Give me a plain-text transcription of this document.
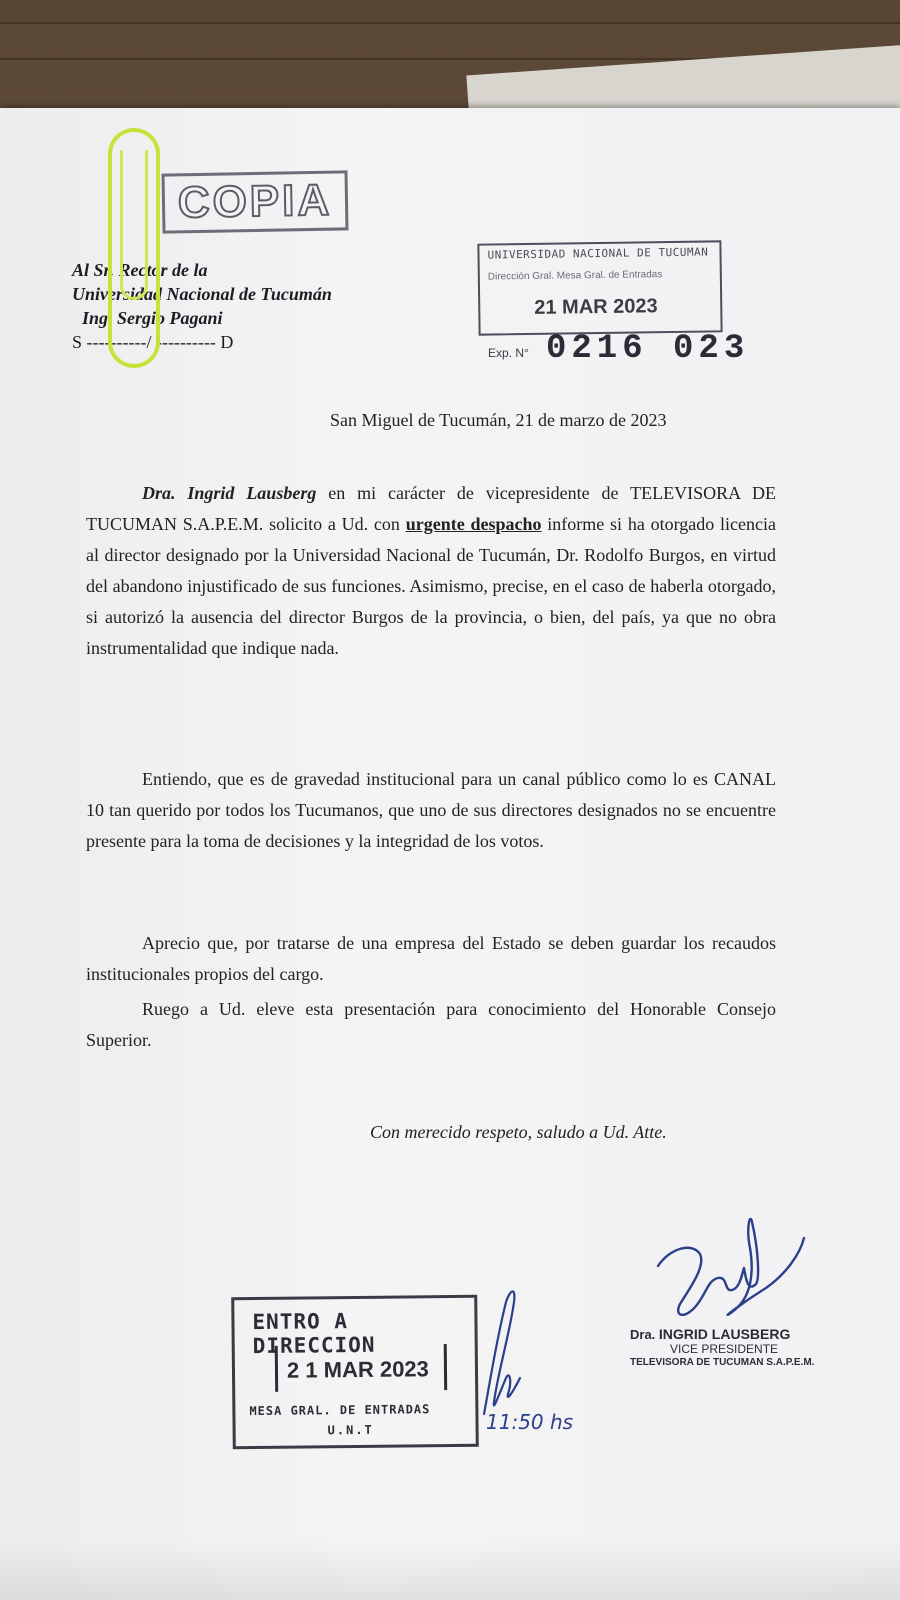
COPIA
Al Sr. Rector de la
Universidad Nacional de Tucumán
Ing. Sergio Pagani
S ----------/ ---------- D
UNIVERSIDAD NACIONAL DE TUCUMAN
Dirección Gral. Mesa Gral. de Entradas
21 MAR 2023
Exp. N° 0216 023
San Miguel de Tucumán, 21 de marzo de 2023
Dra. Ingrid Lausberg en mi carácter de vicepresidente de TELEVISORA DE TUCUMAN S.A.P.E.M. solicito a Ud. con urgente despacho informe si ha otorgado licencia al director designado por la Universidad Nacional de Tucumán, Dr. Rodolfo Burgos, en virtud del abandono injustificado de sus funciones. Asimismo, precise, en el caso de haberla otorgado, si autorizó la ausencia del director Burgos de la provincia, o bien, del país, ya que no obra instrumentalidad que indique nada.
Entiendo, que es de gravedad institucional para un canal público como lo es CANAL 10 tan querido por todos los Tucumanos, que uno de sus directores designados no se encuentre presente para la toma de decisiones y la integridad de los votos.
Aprecio que, por tratarse de una empresa del Estado se deben guardar los recaudos institucionales propios del cargo.
Ruego a Ud. eleve esta presentación para conocimiento del Honorable Consejo Superior.
Con merecido respeto, saludo a Ud. Atte.
ENTRO A DIRECCION
2 1 MAR 2023
MESA GRAL. DE ENTRADAS
U.N.T	11:50 hs
Dra. INGRID LAUSBERG
VICE PRESIDENTE
TELEVISORA DE TUCUMAN S.A.P.E.M.
